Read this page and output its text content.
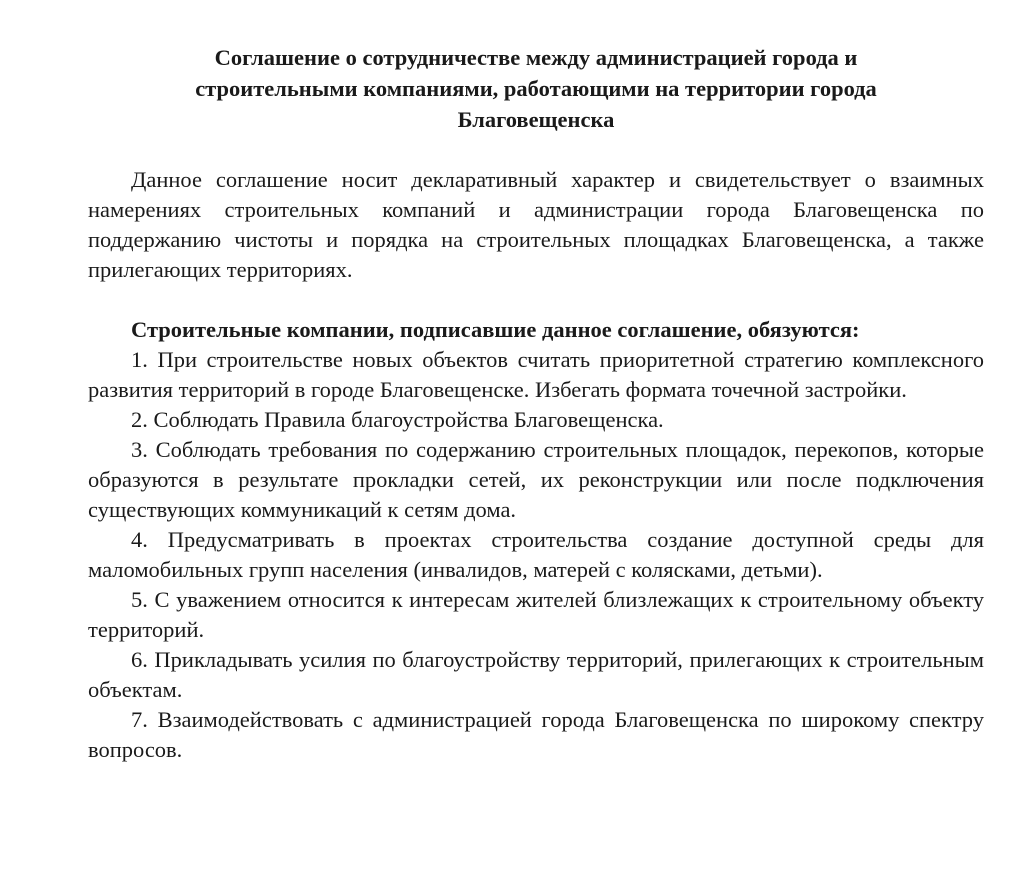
Соглашение о сотрудничестве между администрацией города и
строительными компаниями, работающими на территории города
Благовещенска

Данное соглашение носит декларативный характер и свидетельствует о взаимных намерениях строительных компаний и администрации города Благовещенска по поддержанию чистоты и порядка на строительных площадках Благовещенска, а также прилегающих территориях.

Строительные компании, подписавшие данное соглашение, обязуются:

1. При строительстве новых объектов считать приоритетной стратегию комплексного развития территорий в городе Благовещенске. Избегать формата точечной застройки.

2. Соблюдать Правила благоустройства Благовещенска.

3. Соблюдать требования по содержанию строительных площадок, перекопов, которые образуются в результате прокладки сетей, их реконструкции или после подключения существующих коммуникаций к сетям дома.

4. Предусматривать в проектах строительства создание доступной среды для маломобильных групп населения (инвалидов, матерей с колясками, детьми).

5. С уважением относится к интересам жителей близлежащих к строительному объекту территорий.

6. Прикладывать усилия по благоустройству территорий, прилегающих к строительным объектам.

7. Взаимодействовать с администрацией города Благовещенска по широкому спектру вопросов.
